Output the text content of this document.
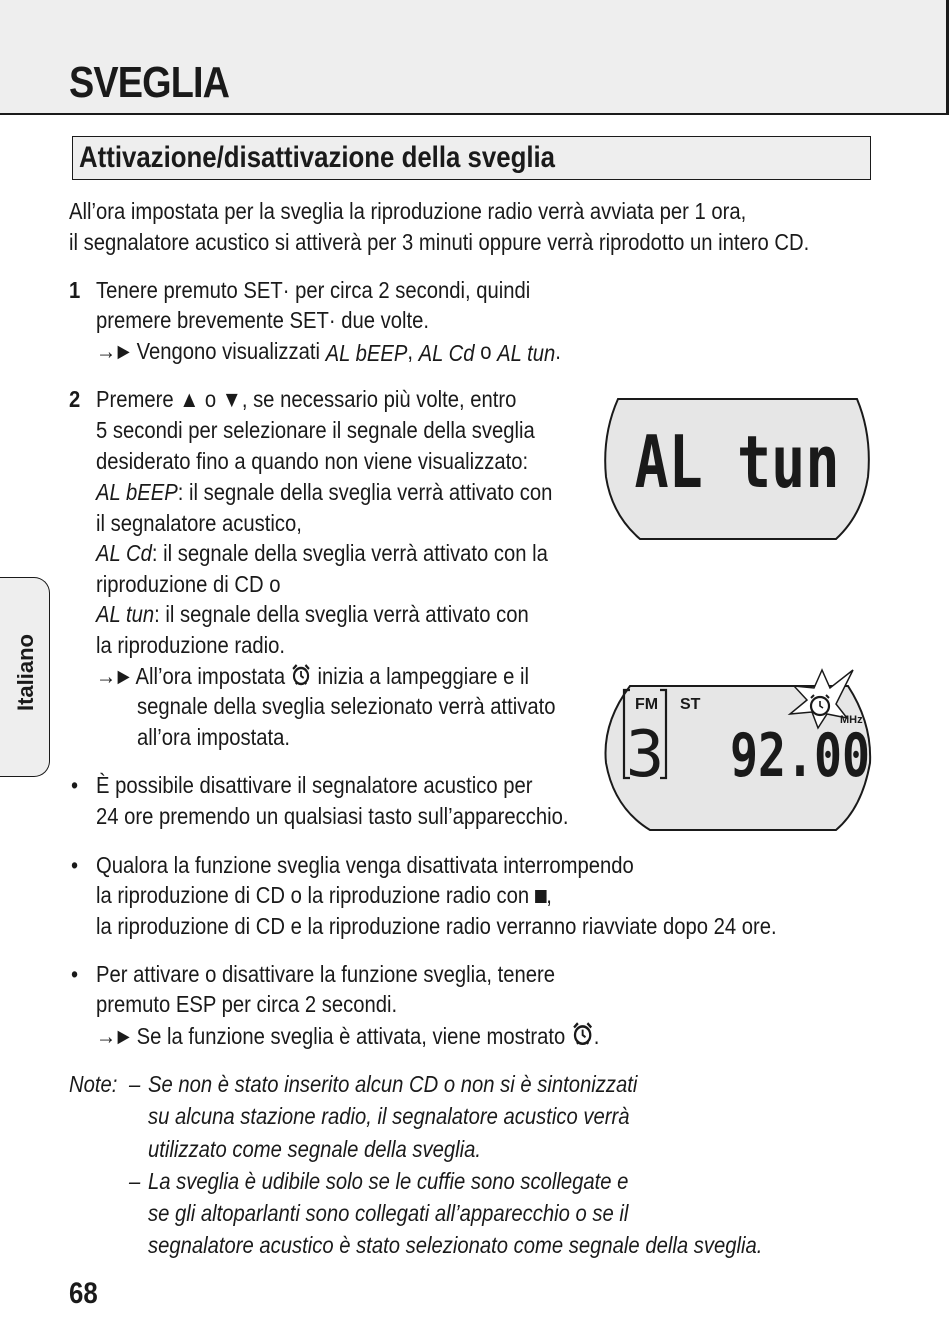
SVEGLIA
Attivazione/disattivazione della sveglia
All’ora impostata per la sveglia la riproduzione radio verrà avviata per 1 ora,
il segnalatore acustico si attiverà per 3 minuti oppure verrà riprodotto un intero CD.
1 Tenere premuto SET· per circa 2 secondi, quindi
premere brevemente SET· due volte.
→► Vengono visualizzati AL bEEP, AL Cd o AL tun.
2 Premere ▲ o ▼, se necessario più volte, entro
5 secondi per selezionare il segnale della sveglia
desiderato fino a quando non viene visualizzato:
AL bEEP: il segnale della sveglia verrà attivato con
il segnalatore acustico,
AL Cd: il segnale della sveglia verrà attivato con la
riproduzione di CD o
AL tun: il segnale della sveglia verrà attivato con
la riproduzione radio.
→► All’ora impostata inizia a lampeggiare e il
segnale della sveglia selezionato verrà attivato
all’ora impostata.
• È possibile disattivare il segnalatore acustico per
24 ore premendo un qualsiasi tasto sull’apparecchio.
• Qualora la funzione sveglia venga disattivata interrompendo
la riproduzione di CD o la riproduzione radio con ,
la riproduzione di CD e la riproduzione radio verranno riavviate dopo 24 ore.
• Per attivare o disattivare la funzione sveglia, tenere
premuto ESP per circa 2 secondi.
→► Se la funzione sveglia è attivata, viene mostrato .
Note: – Se non è stato inserito alcun CD o non si è sintonizzati
su alcuna stazione radio, il segnalatore acustico verrà
utilizzato come segnale della sveglia.
– La sveglia è udibile solo se le cuffie sono scollegate e
se gli altoparlanti sono collegati all’apparecchio o se il
segnalatore acustico è stato selezionato come segnale della sveglia.
AL tun
FM ST
3 92.00
MHz
Italiano
68
